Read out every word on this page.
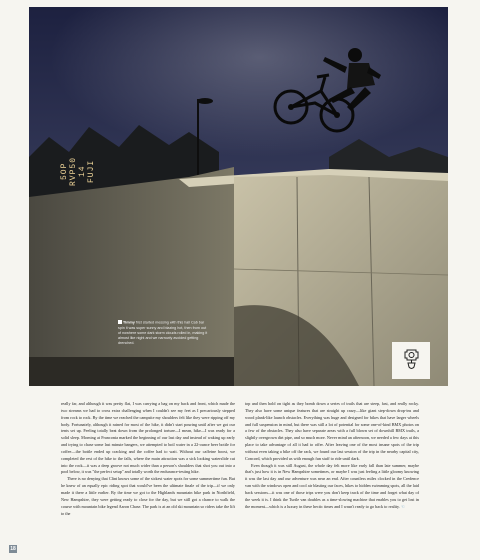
5OP RVP50 14 FUJI
Timmy first started messing with this hall Cab bar spin it was super sunny and blazing hot, then from out of nowhere some dark storm clouds rolled in, making it almost like night and we narrowly avoided getting drenched.

really far, and although it was pretty flat, I was carrying a bag on my back and front, which made the two streams we had to cross extra challenging when I couldn't see my feet as I precariously stepped from rock to rock. By the time we reached the campsite my shoulders felt like they were ripping off my body. Fortunately, although it rained for most of the hike, it didn't start pouring until after we got our tents set up. Feeling totally beat down from the prolonged torture—I mean, hike—I was ready for a solid sleep. Morning at Franconia marked the beginning of our last day and instead of waking up early and trying to chase some last minute bangers, we attempted to boil water in a 22-ounce beer bottle for coffee—the bottle ended up cracking and the coffee had to wait. Without our caffeine boost, we completed the rest of the hike to the falls, where the main attraction was a sick looking waterslide cut into the rock—it was a deep groove not much wider than a person's shoulders that shot you out into a pool below, it was "the perfect setup" and totally worth the endurance-testing hike.

There is no denying that Clint knows some of the sickest water spots for some summertime fun. But he knew of an equally epic riding spot that would've been the ultimate finale of the trip—if we only made it there a little earlier. By the time we got to the Highlands mountain bike park in Northfield, New Hampshire, they were getting ready to close for the day, but we still got a chance to walk the course with mountain bike legend Aaron Chase. The park is at an old ski mountain so riders take the lift to the

top and then hold on tight as they bomb down a series of trails that are steep, fast, and really rocky. They also have some unique features that are straight up crazy—like giant step-down drop-ins and wood plank-like launch obstacles. Everything was huge and designed for bikes that have larger wheels and full suspension in mind, but there was still a lot of potential for some one-of-kind BMX photos on a few of the obstacles. They also have separate areas with a full blown set of downhill BMX trails, a slightly overgrown dirt pipe, and so much more. Never mind an afternoon, we needed a few days at this place to take advantage of all it had to offer. After leaving one of the most insane spots of the trip without even taking a bike off the rack, we found our last session of the trip in the nearby capital city, Concord, which provided us with enough fun stuff to ride until dark.

Even though it was still August, the whole day felt more like early fall than late summer, maybe that's just how it is in New Hampshire sometimes, or maybe I was just feeling a little gloomy knowing it was the last day and our adventure was near an end. After countless miles clocked in the Credence van with the windows open and cool air blasting our faces, hikes to hidden swimming spots, all the laid back sessions—it was one of those trips were you don't keep track of the time and forget what day of the week it is. I think the Turtle van doubles as a time-slowing machine that enables you to get lost in the moment—which is a luxury in these hectic times and I wasn't ready to go back to reality. ☜

18
